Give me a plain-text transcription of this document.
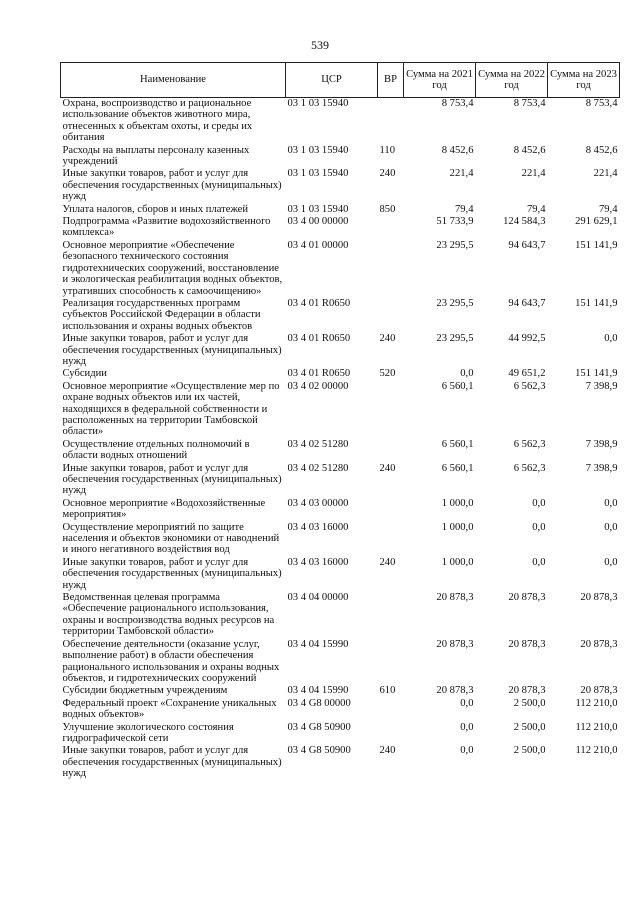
539
Наименование	ЦСР	ВР	Сумма на 2021 год	Сумма на 2022 год	Сумма на 2023 год
Охрана, воспроизводство и рациональное использование объектов животного мира, отнесенных к объектам охоты, и среды их обитания	03 1 03 15940		8 753,4	8 753,4	8 753,4
Расходы на выплаты персоналу казенных учреждений	03 1 03 15940	110	8 452,6	8 452,6	8 452,6
Иные закупки товаров, работ и услуг для обеспечения государственных (муниципальных) нужд	03 1 03 15940	240	221,4	221,4	221,4
Уплата налогов, сборов и иных платежей	03 1 03 15940	850	79,4	79,4	79,4
Подпрограмма «Развитие водохозяйственного комплекса»	03 4 00 00000		51 733,9	124 584,3	291 629,1
Основное мероприятие «Обеспечение безопасного технического состояния гидротехнических сооружений, восстановление и экологическая реабилитация водных объектов, утративших способность к самоочищению»	03 4 01 00000		23 295,5	94 643,7	151 141,9
Реализация государственных программ субъектов Российской Федерации в области использования и охраны водных объектов	03 4 01 R0650		23 295,5	94 643,7	151 141,9
Иные закупки товаров, работ и услуг для обеспечения государственных (муниципальных) нужд	03 4 01 R0650	240	23 295,5	44 992,5	0,0
Субсидии	03 4 01 R0650	520	0,0	49 651,2	151 141,9
Основное мероприятие «Осуществление мер по охране водных объектов или их частей, находящихся в федеральной собственности и расположенных на территории Тамбовской области»	03 4 02 00000		6 560,1	6 562,3	7 398,9
Осуществление отдельных полномочий в области водных отношений	03 4 02 51280		6 560,1	6 562,3	7 398,9
Иные закупки товаров, работ и услуг для обеспечения государственных (муниципальных) нужд	03 4 02 51280	240	6 560,1	6 562,3	7 398,9
Основное мероприятие «Водохозяйственные мероприятия»	03 4 03 00000		1 000,0	0,0	0,0
Осуществление мероприятий по защите населения и объектов экономики от наводнений и иного негативного воздействия вод	03 4 03 16000		1 000,0	0,0	0,0
Иные закупки товаров, работ и услуг для обеспечения государственных (муниципальных) нужд	03 4 03 16000	240	1 000,0	0,0	0,0
Ведомственная целевая программа «Обеспечение рационального использования, охраны и воспроизводства водных ресурсов на территории Тамбовской области»	03 4 04 00000		20 878,3	20 878,3	20 878,3
Обеспечение деятельности (оказание услуг, выполнение работ) в области обеспечения рационального использования и охраны водных объектов, и гидротехнических сооружений	03 4 04 15990		20 878,3	20 878,3	20 878,3
Субсидии бюджетным учреждениям	03 4 04 15990	610	20 878,3	20 878,3	20 878,3
Федеральный проект «Сохранение уникальных водных объектов»	03 4 G8 00000		0,0	2 500,0	112 210,0
Улучшение экологического состояния гидрографической сети	03 4 G8 50900		0,0	2 500,0	112 210,0
Иные закупки товаров, работ и услуг для обеспечения государственных (муниципальных) нужд	03 4 G8 50900	240	0,0	2 500,0	112 210,0
